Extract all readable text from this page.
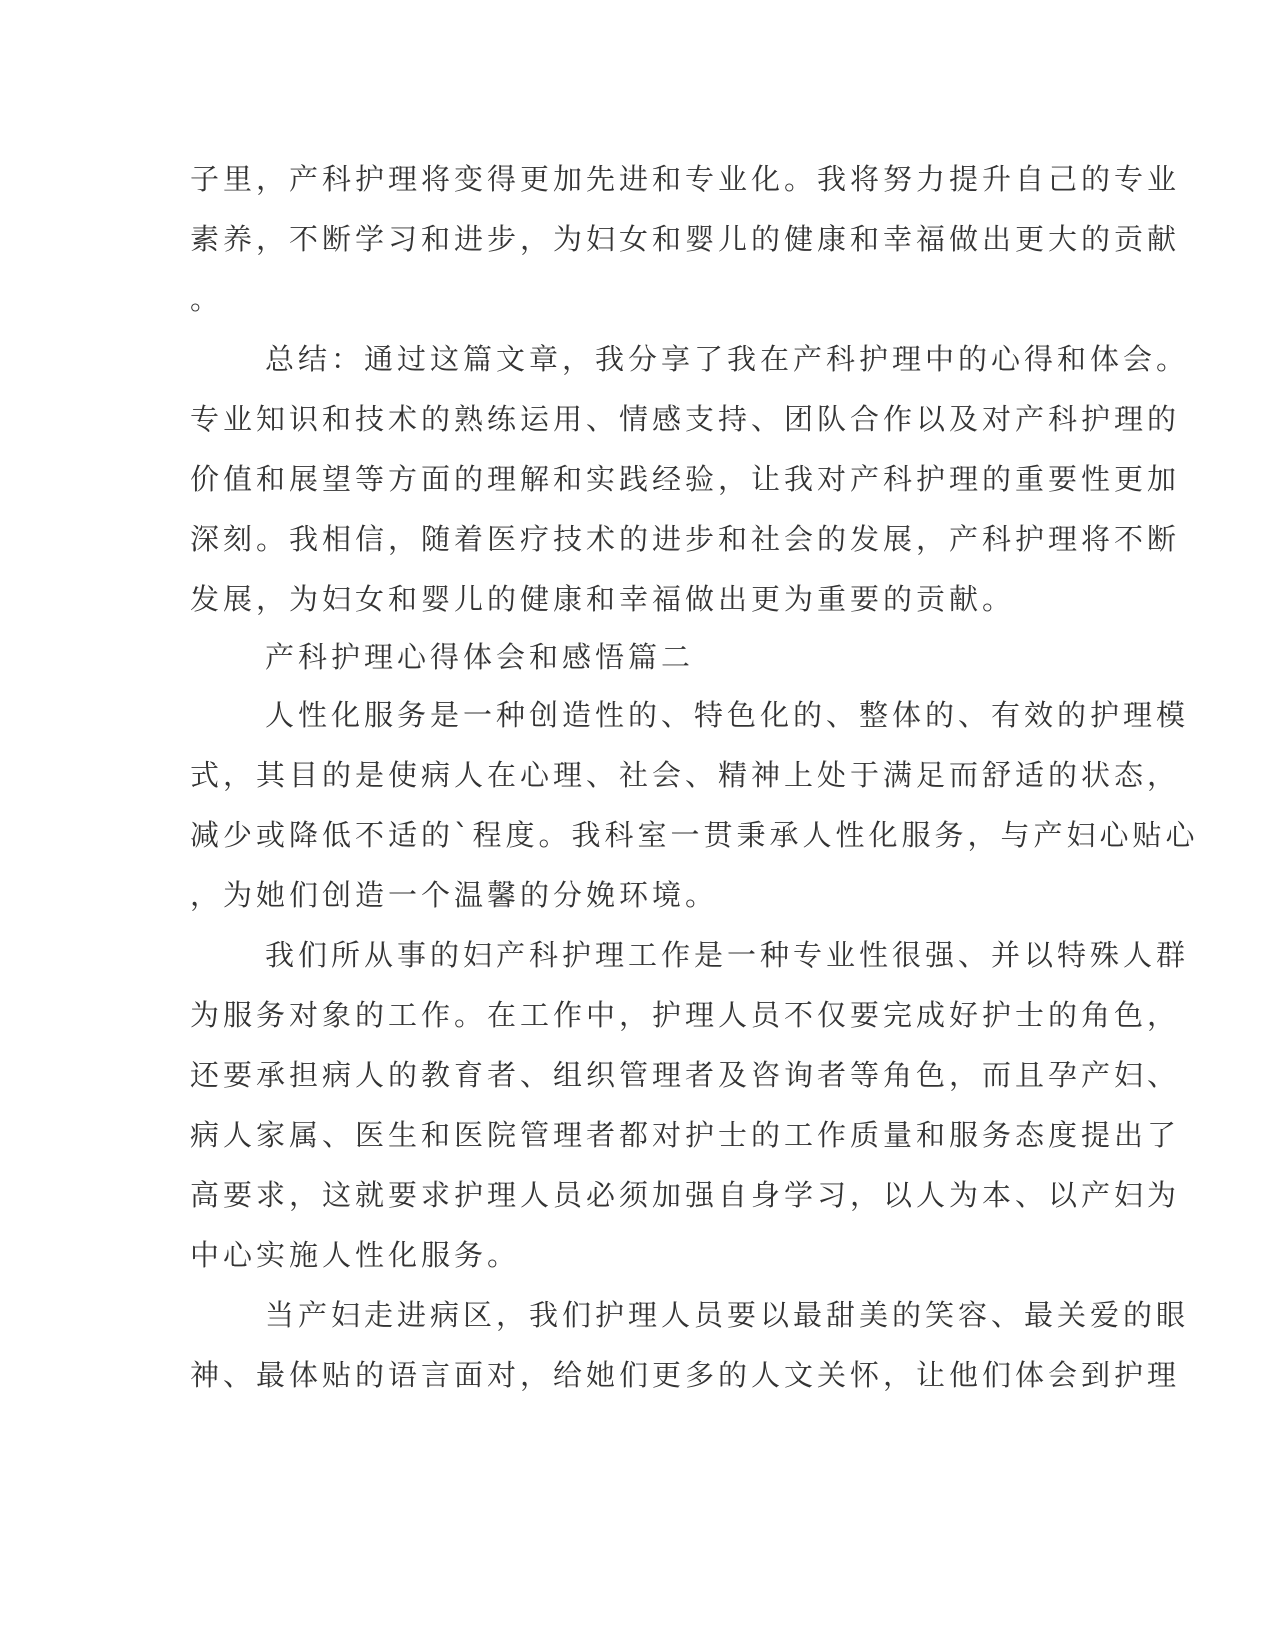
子里，产科护理将变得更加先进和专业化。我将努力提升自己的专业

素养，不断学习和进步，为妇女和婴儿的健康和幸福做出更大的贡献

。

总结：通过这篇文章，我分享了我在产科护理中的心得和体会。

专业知识和技术的熟练运用、情感支持、团队合作以及对产科护理的

价值和展望等方面的理解和实践经验，让我对产科护理的重要性更加

深刻。我相信，随着医疗技术的进步和社会的发展，产科护理将不断

发展，为妇女和婴儿的健康和幸福做出更为重要的贡献。

产科护理心得体会和感悟篇二

人性化服务是一种创造性的、特色化的、整体的、有效的护理模

式，其目的是使病人在心理、社会、精神上处于满足而舒适的状态，

减少或降低不适的`程度。我科室一贯秉承人性化服务，与产妇心贴心

，为她们创造一个温馨的分娩环境。

我们所从事的妇产科护理工作是一种专业性很强、并以特殊人群

为服务对象的工作。在工作中，护理人员不仅要完成好护士的角色，

还要承担病人的教育者、组织管理者及咨询者等角色，而且孕产妇、

病人家属、医生和医院管理者都对护士的工作质量和服务态度提出了

高要求，这就要求护理人员必须加强自身学习，以人为本、以产妇为

中心实施人性化服务。

当产妇走进病区，我们护理人员要以最甜美的笑容、最关爱的眼

神、最体贴的语言面对，给她们更多的人文关怀，让他们体会到护理
